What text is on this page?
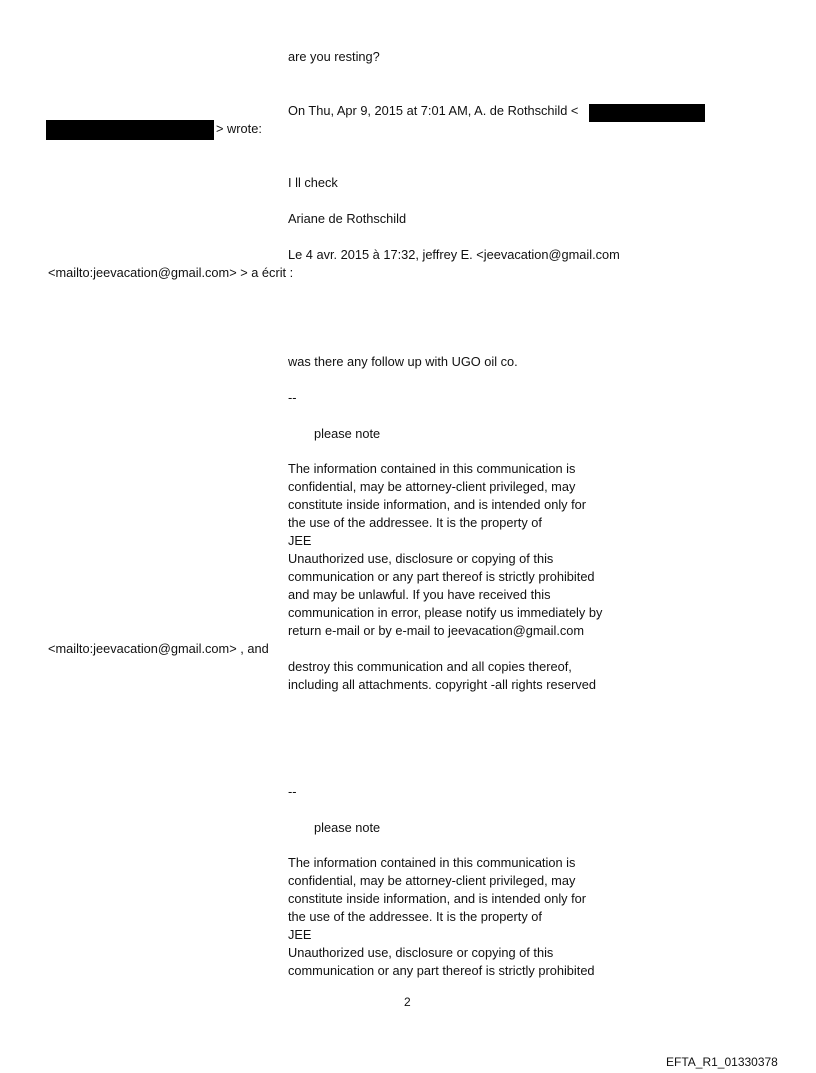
are you resting?
On Thu, Apr 9, 2015 at 7:01 AM, A. de Rothschild <
> wrote:
I ll check
Ariane de Rothschild
Le 4 avr. 2015 à 17:32, jeffrey E. <jeevacation@gmail.com
<mailto:jeevacation@gmail.com> > a écrit :
was there any follow up with UGO oil co.
--
please note
The information contained in this communication is
confidential, may be attorney-client privileged, may
constitute inside information, and is intended only for
the use of the addressee. It is the property of
JEE
Unauthorized use, disclosure or copying of this
communication or any part thereof is strictly prohibited
and may be unlawful. If you have received this
communication in error, please notify us immediately by
return e-mail or by e-mail to jeevacation@gmail.com
<mailto:jeevacation@gmail.com> , and
destroy this communication and all copies thereof,
including all attachments. copyright -all rights reserved
--
please note
The information contained in this communication is
confidential, may be attorney-client privileged, may
constitute inside information, and is intended only for
the use of the addressee. It is the property of
JEE
Unauthorized use, disclosure or copying of this
communication or any part thereof is strictly prohibited
2
EFTA_R1_01330378
